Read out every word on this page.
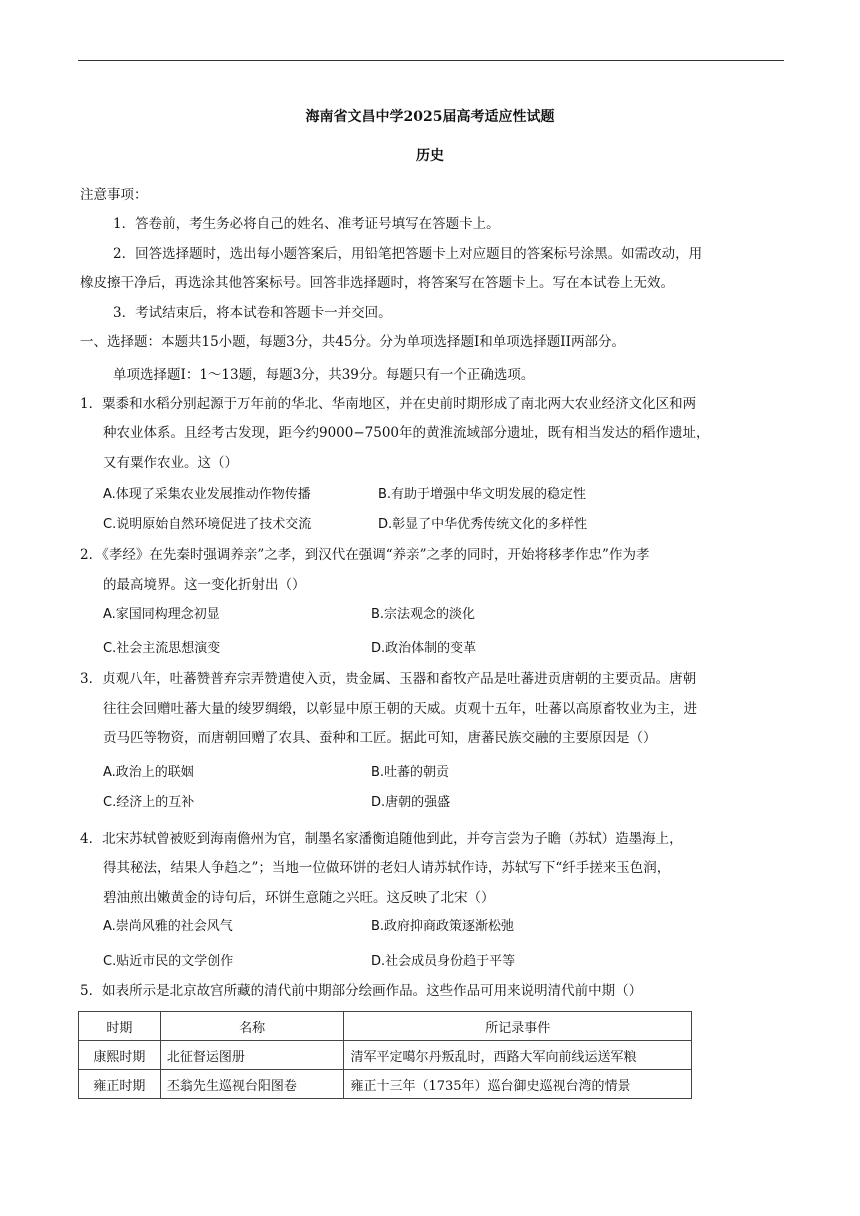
海南省文昌中学2025届高考适应性试题
历史
注意事项：
1．答卷前，考生务必将自己的姓名、准考证号填写在答题卡上。
2．回答选择题时，选出每小题答案后，用铅笔把答题卡上对应题目的答案标号涂黑。如需改动，用
橡皮擦干净后，再选涂其他答案标号。回答非选择题时，将答案写在答题卡上。写在本试卷上无效。
3．考试结束后，将本试卷和答题卡一并交回。
一、选择题：本题共15小题，每题3分，共45分。分为单项选择题I和单项选择题II两部分。
单项选择题I：1～13题，每题3分，共39分。每题只有一个正确选项。
1．粟黍和水稻分别起源于万年前的华北、华南地区，并在史前时期形成了南北两大农业经济文化区和两
种农业体系。且经考古发现，距今约9000−7500年的黄淮流域部分遗址，既有相当发达的稻作遗址，
又有粟作农业。这（）
A.体现了采集农业发展推动作物传播	B.有助于增强中华文明发展的稳定性
C.说明原始自然环境促进了技术交流	D.彰显了中华优秀传统文化的多样性
2．《孝经》在先秦时强调养亲”之孝，到汉代在强调“养亲”之孝的同时，开始将移孝作忠”作为孝
的最高境界。这一变化折射出（）
A.家国同构理念初显	B.宗法观念的淡化
C.社会主流思想演变	D.政治体制的变革
3．贞观八年，吐蕃赞普弃宗弄赞遣使入贡，贵金属、玉器和畜牧产品是吐蕃进贡唐朝的主要贡品。唐朝
往往会回赠吐蕃大量的绫罗绸缎，以彰显中原王朝的天威。贞观十五年，吐蕃以高原畜牧业为主，进
贡马匹等物资，而唐朝回赠了农具、蚕种和工匠。据此可知，唐蕃民族交融的主要原因是（）
A.政治上的联姻	B.吐蕃的朝贡
C.经济上的互补	D.唐朝的强盛
4．北宋苏轼曾被贬到海南儋州为官，制墨名家潘衡追随他到此，并夸言尝为子瞻（苏轼）造墨海上，
得其秘法，结果人争趋之”；当地一位做环饼的老妇人请苏轼作诗，苏轼写下“纤手搓来玉色润，
碧油煎出嫩黄金的诗句后，环饼生意随之兴旺。这反映了北宋（）
A.崇尚风雅的社会风气	B.政府抑商政策逐渐松弛
C.贴近市民的文学创作	D.社会成员身份趋于平等
5．如表所示是北京故宫所藏的清代前中期部分绘画作品。这些作品可用来说明清代前中期（）
时期	名称	所记录事件
康熙时期	北征督运图册	清军平定噶尔丹叛乱时，西路大军向前线运送军粮
雍正时期	丕翁先生巡视台阳图卷	雍正十三年（1735年）巡台御史巡视台湾的情景
